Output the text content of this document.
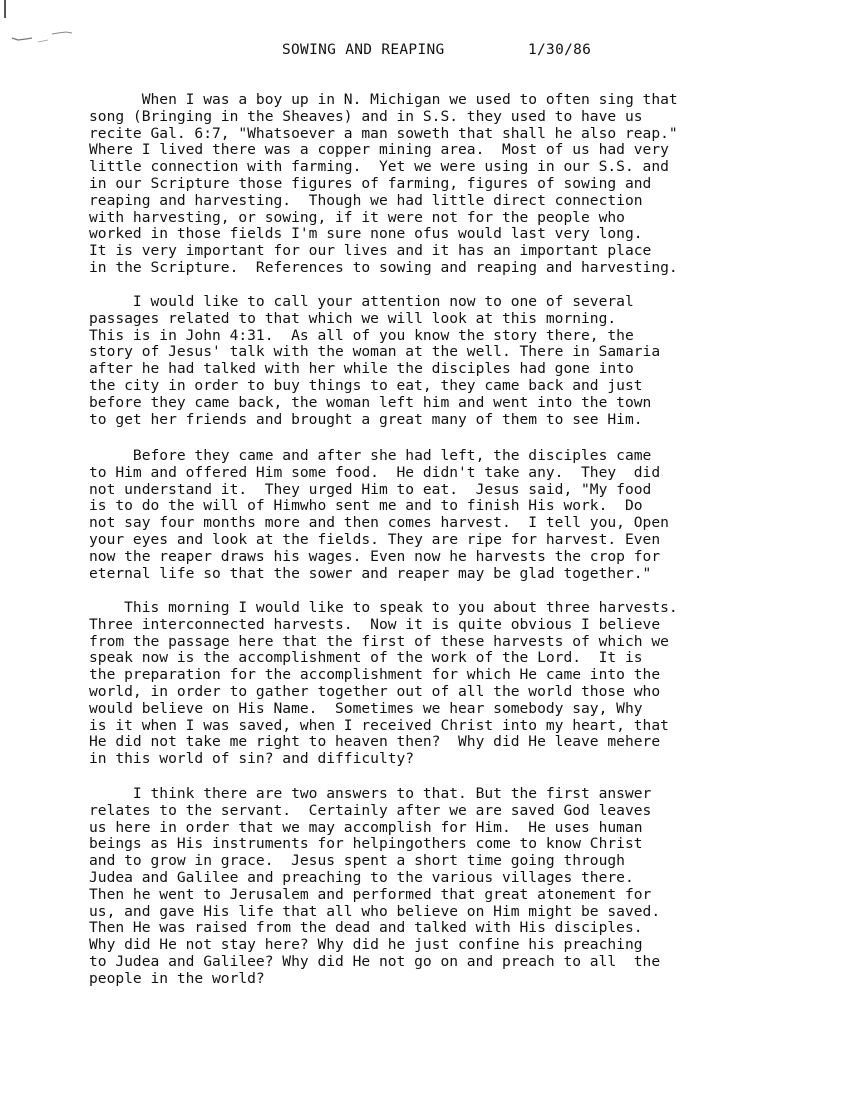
SOWING AND REAPING	1/30/86
When I was a boy up in N. Michigan we used to often sing that
song (Bringing in the Sheaves) and in S.S. they used to have us
recite Gal. 6:7, "Whatsoever a man soweth that shall he also reap."
Where I lived there was a copper mining area.  Most of us had very
little connection with farming.  Yet we were using in our S.S. and
in our Scripture those figures of farming, figures of sowing and
reaping and harvesting.  Though we had little direct connection
with harvesting, or sowing, if it were not for the people who
worked in those fields I'm sure none ofus would last very long.
It is very important for our lives and it has an important place
in the Scripture.  References to sowing and reaping and harvesting.
I would like to call your attention now to one of several
passages related to that which we will look at this morning.
This is in John 4:31.  As all of you know the story there, the
story of Jesus' talk with the woman at the well. There in Samaria
after he had talked with her while the disciples had gone into
the city in order to buy things to eat, they came back and just
before they came back, the woman left him and went into the town
to get her friends and brought a great many of them to see Him.
Before they came and after she had left, the disciples came
to Him and offered Him some food.  He didn't take any.  They  did
not understand it.  They urged Him to eat.  Jesus said, "My food
is to do the will of Himwho sent me and to finish His work.  Do
not say four months more and then comes harvest.  I tell you, Open
your eyes and look at the fields. They are ripe for harvest. Even
now the reaper draws his wages. Even now he harvests the crop for
eternal life so that the sower and reaper may be glad together."
This morning I would like to speak to you about three harvests.
Three interconnected harvests.  Now it is quite obvious I believe
from the passage here that the first of these harvests of which we
speak now is the accomplishment of the work of the Lord.  It is
the preparation for the accomplishment for which He came into the
world, in order to gather together out of all the world those who
would believe on His Name.  Sometimes we hear somebody say, Why
is it when I was saved, when I received Christ into my heart, that
He did not take me right to heaven then?  Why did He leave mehere
in this world of sin? and difficulty?
I think there are two answers to that. But the first answer
relates to the servant.  Certainly after we are saved God leaves
us here in order that we may accomplish for Him.  He uses human
beings as His instruments for helpingothers come to know Christ
and to grow in grace.  Jesus spent a short time going through
Judea and Galilee and preaching to the various villages there.
Then he went to Jerusalem and performed that great atonement for
us, and gave His life that all who believe on Him might be saved.
Then He was raised from the dead and talked with His disciples.
Why did He not stay here? Why did he just confine his preaching
to Judea and Galilee? Why did He not go on and preach to all  the
people in the world?
